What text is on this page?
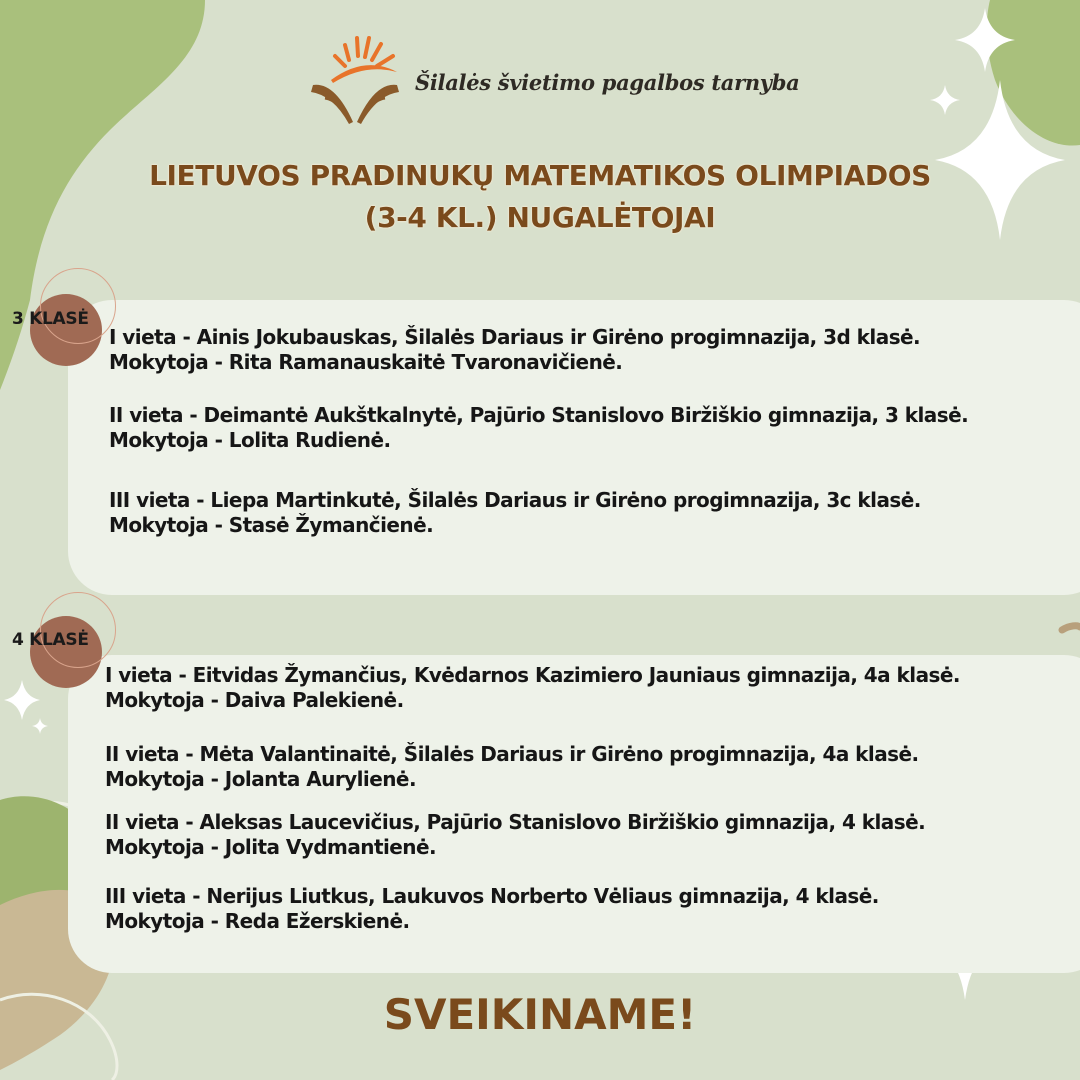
Šilalės švietimo pagalbos tarnyba
LIETUVOS PRADINUKŲ MATEMATIKOS OLIMPIADOS
(3-4 KL.) NUGALĖTOJAI
3 KLASĖ
I vieta - Ainis Jokubauskas, Šilalės Dariaus ir Girėno progimnazija, 3d klasė.
Mokytoja - Rita Ramanauskaitė Tvaronavičienė.
II vieta - Deimantė Aukštkalnytė, Pajūrio Stanislovo Biržiškio gimnazija, 3 klasė.
Mokytoja - Lolita Rudienė.
III vieta - Liepa Martinkutė, Šilalės Dariaus ir Girėno progimnazija, 3c klasė.
Mokytoja - Stasė Žymančienė.
4 KLASĖ
I vieta - Eitvidas Žymančius, Kvėdarnos Kazimiero Jauniaus gimnazija, 4a klasė.
Mokytoja - Daiva Palekienė.
II vieta - Mėta Valantinaitė, Šilalės Dariaus ir Girėno progimnazija, 4a klasė.
Mokytoja - Jolanta Aurylienė.
II vieta - Aleksas Laucevičius, Pajūrio Stanislovo Biržiškio gimnazija, 4 klasė.
Mokytoja - Jolita Vydmantienė.
III vieta - Nerijus Liutkus, Laukuvos Norberto Vėliaus gimnazija, 4 klasė.
Mokytoja - Reda Ežerskienė.
SVEIKINAME!
